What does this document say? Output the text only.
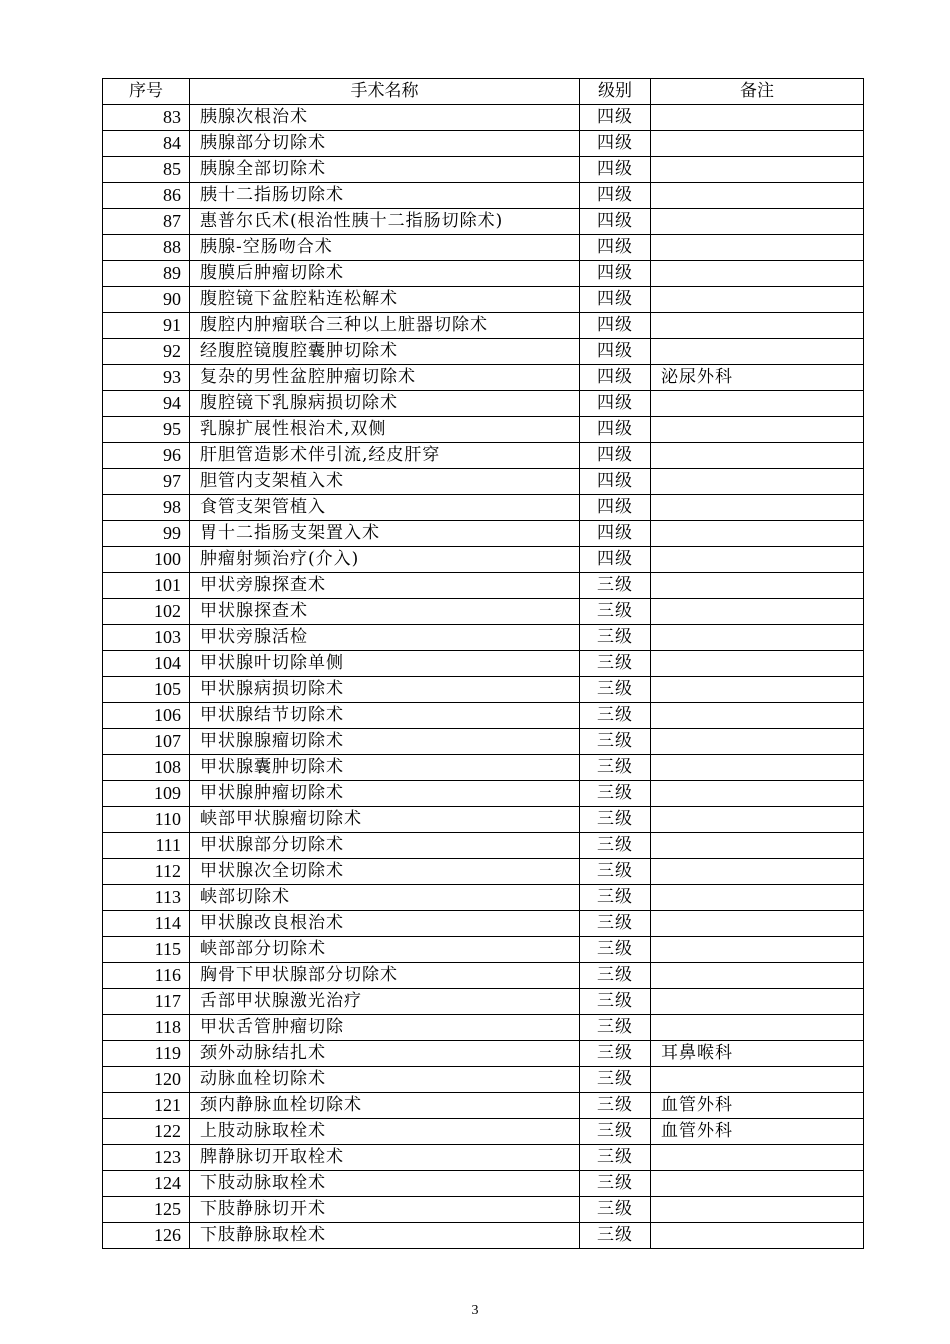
序号	手术名称	级别	备注
83	胰腺次根治术	四级	
84	胰腺部分切除术	四级	
85	胰腺全部切除术	四级	
86	胰十二指肠切除术	四级	
87	惠普尔氏术(根治性胰十二指肠切除术)	四级	
88	胰腺-空肠吻合术	四级	
89	腹膜后肿瘤切除术	四级	
90	腹腔镜下盆腔粘连松解术	四级	
91	腹腔内肿瘤联合三种以上脏器切除术	四级	
92	经腹腔镜腹腔囊肿切除术	四级	
93	复杂的男性盆腔肿瘤切除术	四级	泌尿外科
94	腹腔镜下乳腺病损切除术	四级	
95	乳腺扩展性根治术,双侧	四级	
96	肝胆管造影术伴引流,经皮肝穿	四级	
97	胆管内支架植入术	四级	
98	食管支架管植入	四级	
99	胃十二指肠支架置入术	四级	
100	肿瘤射频治疗(介入)	四级	
101	甲状旁腺探查术	三级	
102	甲状腺探查术	三级	
103	甲状旁腺活检	三级	
104	甲状腺叶切除单侧	三级	
105	甲状腺病损切除术	三级	
106	甲状腺结节切除术	三级	
107	甲状腺腺瘤切除术	三级	
108	甲状腺囊肿切除术	三级	
109	甲状腺肿瘤切除术	三级	
110	峡部甲状腺瘤切除术	三级	
111	甲状腺部分切除术	三级	
112	甲状腺次全切除术	三级	
113	峡部切除术	三级	
114	甲状腺改良根治术	三级	
115	峡部部分切除术	三级	
116	胸骨下甲状腺部分切除术	三级	
117	舌部甲状腺激光治疗	三级	
118	甲状舌管肿瘤切除	三级	
119	颈外动脉结扎术	三级	耳鼻喉科
120	动脉血栓切除术	三级	
121	颈内静脉血栓切除术	三级	血管外科
122	上肢动脉取栓术	三级	血管外科
123	脾静脉切开取栓术	三级	
124	下肢动脉取栓术	三级	
125	下肢静脉切开术	三级	
126	下肢静脉取栓术	三级	
3
